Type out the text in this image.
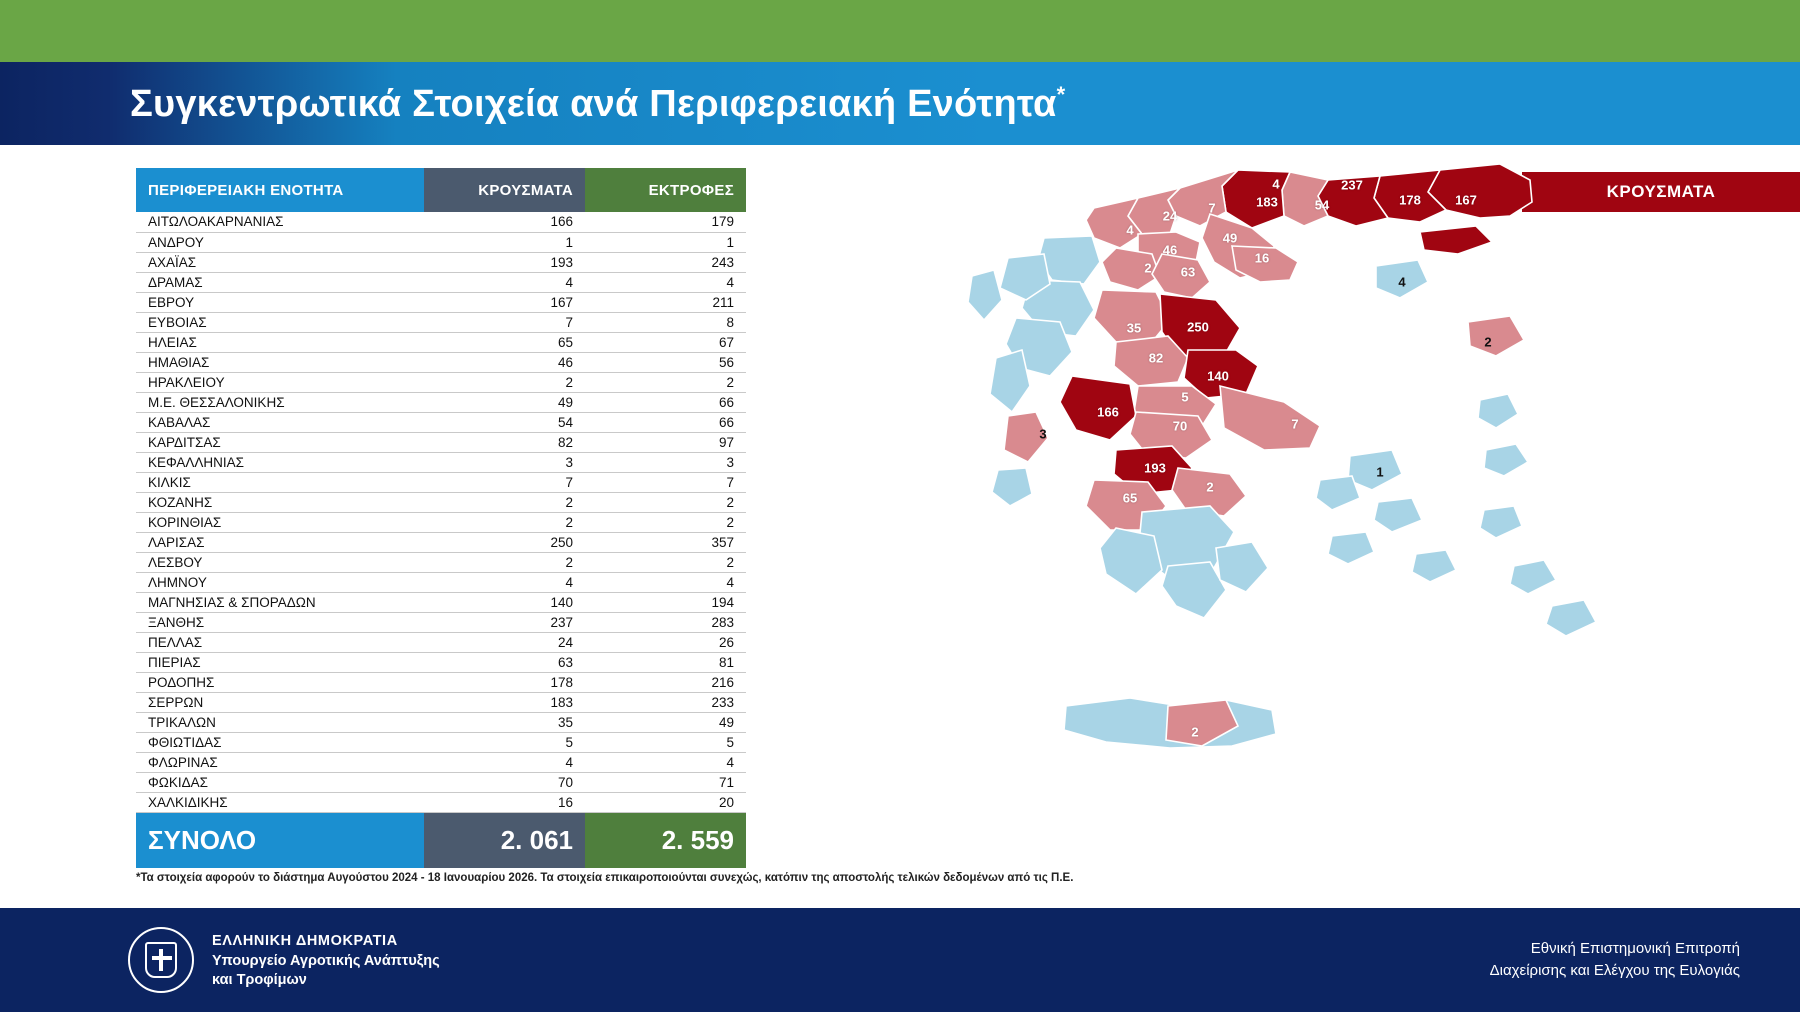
Συγκεντρωτικά Στοιχεία ανά Περιφερειακή Ενότητα*
ΠΕΡΙΦΕΡΕΙΑΚΗ ΕΝΟΤΗΤΑ	ΚΡΟΥΣΜΑΤΑ	ΕΚΤΡΟΦΕΣ
ΑΙΤΩΛΟΑΚΑΡΝΑΝΙΑΣ	166	179
ΑΝΔΡΟΥ	1	1
ΑΧΑΪΑΣ	193	243
ΔΡΑΜΑΣ	4	4
ΕΒΡΟΥ	167	211
ΕΥΒΟΙΑΣ	7	8
ΗΛΕΙΑΣ	65	67
ΗΜΑΘΙΑΣ	46	56
ΗΡΑΚΛΕΙΟΥ	2	2
Μ.Ε. ΘΕΣΣΑΛΟΝΙΚΗΣ	49	66
ΚΑΒΑΛΑΣ	54	66
ΚΑΡΔΙΤΣΑΣ	82	97
ΚΕΦΑΛΛΗΝΙΑΣ	3	3
ΚΙΛΚΙΣ	7	7
ΚΟΖΑΝΗΣ	2	2
ΚΟΡΙΝΘΙΑΣ	2	2
ΛΑΡΙΣΑΣ	250	357
ΛΕΣΒΟΥ	2	2
ΛΗΜΝΟΥ	4	4
ΜΑΓΝΗΣΙΑΣ & ΣΠΟΡΑΔΩΝ	140	194
ΞΑΝΘΗΣ	237	283
ΠΕΛΛΑΣ	24	26
ΠΙΕΡΙΑΣ	63	81
ΡΟΔΟΠΗΣ	178	216
ΣΕΡΡΩΝ	183	233
ΤΡΙΚΑΛΩΝ	35	49
ΦΘΙΩΤΙΔΑΣ	5	5
ΦΛΩΡΙΝΑΣ	4	4
ΦΩΚΙΔΑΣ	70	71
ΧΑΛΚΙΔΙΚΗΣ	16	20
ΣΥΝΟΛΟ	2. 061	2. 559
*Τα στοιχεία αφορούν το διάστημα Αυγούστου 2024 - 18 Ιανουαρίου 2026. Τα στοιχεία επικαιροποιούνται συνεχώς, κατόπιν της αποστολής τελικών δεδομένων από τις Π.Ε.
ΚΡΟΥΣΜΑΤΑ
4	237
178	167
54
183
7
24
49
4
46
16
2 63
4
35	250
2
82
140
5
166
7
70
3
1
193
2
65
2
ΕΛΛΗΝΙΚΗ ΔΗΜΟΚΡΑΤΙΑ
Υπουργείο Αγροτικής Ανάπτυξης
και Τροφίμων
Εθνική Επιστημονική Επιτροπή
Διαχείρισης και Ελέγχου της Ευλογιάς
